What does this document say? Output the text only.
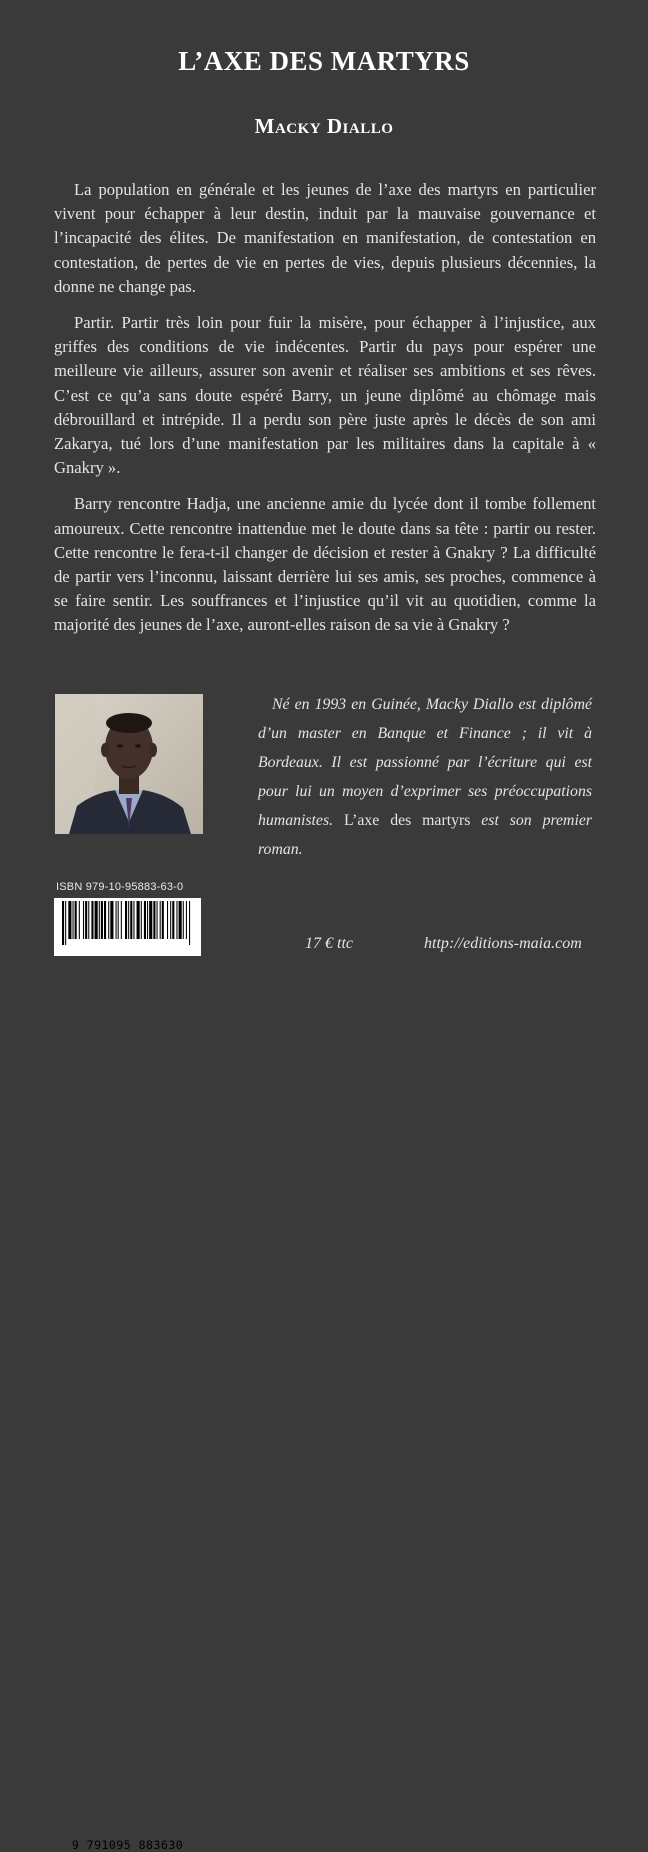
L’AXE DES MARTYRS
Macky Diallo

La population en générale et les jeunes de l’axe des martyrs en particulier vivent pour échapper à leur destin, induit par la mauvaise gouvernance et l’incapacité des élites. De manifestation en manifestation, de contestation en contestation, de pertes de vie en pertes de vies, depuis plusieurs décennies, la donne ne change pas.

Partir. Partir très loin pour fuir la misère, pour échapper à l’injustice, aux griffes des conditions de vie indécentes. Partir du pays pour espérer une meilleure vie ailleurs, assurer son avenir et réaliser ses ambitions et ses rêves. C’est ce qu’a sans doute espéré Barry, un jeune diplômé au chômage mais débrouillard et intrépide. Il a perdu son père juste après le décès de son ami Zakarya, tué lors d’une manifestation par les militaires dans la capitale à « Gnakry ».

Barry rencontre Hadja, une ancienne amie du lycée dont il tombe follement amoureux. Cette rencontre inattendue met le doute dans sa tête : partir ou rester. Cette rencontre le fera-t-il changer de décision et rester à Gnakry ? La difficulté de partir vers l’inconnu, laissant derrière lui ses amis, ses proches, commence à se faire sentir. Les souffrances et l’injustice qu’il vit au quotidien, comme la majorité des jeunes de l’axe, auront-elles raison de sa vie à Gnakry ?

Né en 1993 en Guinée, Macky Diallo est diplômé d’un master en Banque et Finance ; il vit à Bordeaux. Il est passionné par l’écriture qui est pour lui un moyen d’exprimer ses préoccupations humanistes. L’axe des martyrs est son premier roman.
ISBN 979-10-95883-63-0
9 791095 883630
17 € ttc	http://editions-maia.com
